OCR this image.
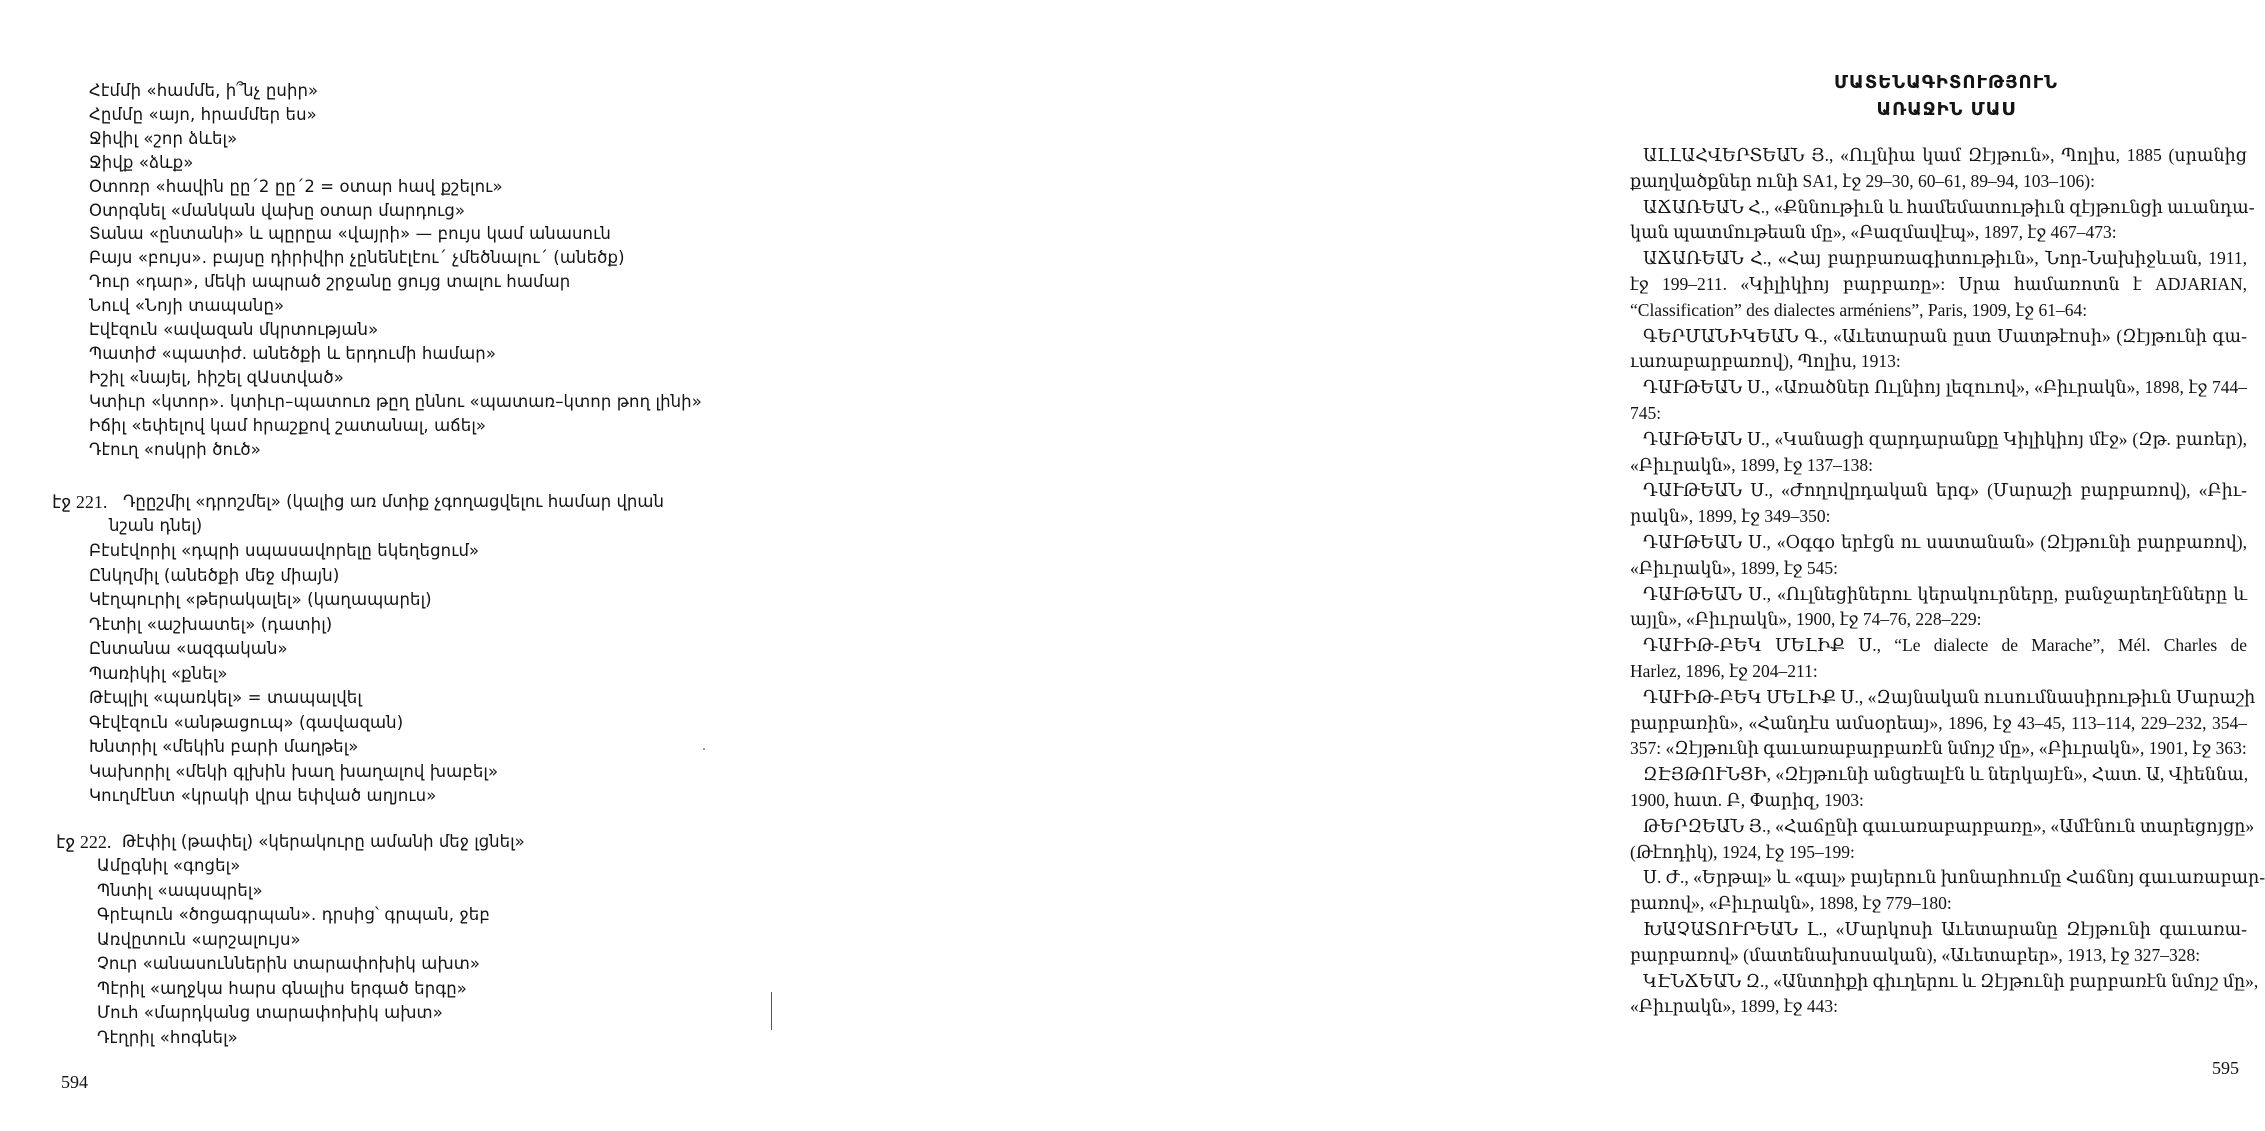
Հէմմի «համմե, ի՞նչ ըսիր»
Հըմմը «այո, հրամմեր ես»
Ջիվիլ «շոր ձևել»
Ջիվք «ձևք»
Օտոռր «հավին ըը´2 ըը´2 = օտար հավ քշելու»
Օտրգնել «մանկան վախը օտար մարդուց»
Տանա «ընտանի» և պըրըա «վայրի» — բույս կամ անասուն
Բայս «բույս». բայսը դիրիվիր չընենէլէու´ չմեծնալու´ (անեծք)
Դուր «դար», մեկի ապրած շրջանը ցույց տալու համար
Նուվ «Նոյի տապանը»
Էվէզուն «ավազան մկրտության»
Պատիժ «պատիժ. անեծքի և երդումի համար»
Իշիլ «նայել, հիշել զԱստված»
Կտիւր «կտոր». կտիւր–պատուռ թըղ ըննու «պատառ–կտոր թող լինի»
Իճիլ «եփելով կամ հրաշքով շատանալ, աճել»
Դէուղ «ոսկրի ծուծ»
էջ 221. Դըըշմիլ «դրոշմել» (կալից առ մտիք չգողացվելու համար վրան
նշան դնել)
Բէսէվորիլ «դպրի սպասավորելը եկեղեցում»
Ընկղմիլ (անեծքի մեջ միայն)
Կէղպուրիլ «թերակալել» (կաղապարել)
Դէտիլ «աշխատել» (դատիլ)
Ընտանա «ազգական»
Պառիկիլ «քնել»
Թէպլիլ «պառկել» = տապալվել
Գէվէզուն «անթացուպ» (գավազան)
Խնտրիլ «մեկին բարի մաղթել»
Կախորիլ «մեկի գլխին խաղ խաղալով խաբել»
Կուղմէնտ «կրակի վրա եփված աղյուս»
էջ 222. Թէփիլ (թափել) «կերակուրը ամանի մեջ լցնել»
Ամըգնիլ «գոցել»
Պնտիլ «ապսպրել»
Գրէպուն «ծոցագրպան». դրսից՝ գրպան, ջեբ
Առվըտուն «արշալույս»
Չուր «անասուններին տարափոխիկ ախտ»
Պէրիլ «աղջկա հարս գնալիս երգած երգը»
Մուհ «մարդկանց տարափոխիկ ախտ»
Դէղրիլ «հոգնել»
594
ՄԱՏԵՆԱԳԻՏՈՒԹՅՈՒՆ
ԱՌԱՋԻՆ ՄԱՍ
ԱԼԼԱՀՎԵՐՏԵԱՆ Յ., «Ուլնիա կամ Զէյթուն», Պոլիս, 1885 (սրանից
քաղվածքներ ունի SA1, էջ 29–30, 60–61, 89–94, 103–106):
ԱՃԱՌԵԱՆ Հ., «Քննութիւն և համեմատութիւն զէյթունցի աւանդա-
կան պատմութեան մը», «Բազմավէպ», 1897, էջ 467–473:
ԱՃԱՌԵԱՆ Հ., «Հայ բարբառագիտութիւն», Նոր-Նախիջևան, 1911,
էջ 199–211. «Կիլիկիոյ բարբառը»: Սրա համառոտն է ADJARIAN,
“Classification” des dialectes arméniens”, Paris, 1909, էջ 61–64:
ԳԵՐՄԱՆԻԿԵԱՆ Գ., «Աւետարան ըստ Մատթէոսի» (Զէյթունի գա-
ւառաբարբառով), Պոլիս, 1913:
ԴԱՒԹԵԱՆ Ս., «Առածներ Ուլնիոյ լեզուով», «Բիւրակն», 1898, էջ 744–
745:
ԴԱՒԹԵԱՆ Ս., «Կանացի զարդարանքը Կիլիկիոյ մէջ» (Զթ. բառեր),
«Բիւրակն», 1899, էջ 137–138:
ԴԱՒԹԵԱՆ Ս., «Ժողովրդական երգ» (Մարաշի բարբառով), «Բիւ-
րակն», 1899, էջ 349–350:
ԴԱՒԹԵԱՆ Ս., «Օգգօ երէցն ու սատանան» (Զէյթունի բարբառով),
«Բիւրակն», 1899, էջ 545:
ԴԱՒԹԵԱՆ Ս., «Ուլնեցիներու կերակուրները, բանջարեղէնները և
այլն», «Բիւրակն», 1900, էջ 74–76, 228–229:
ԴԱՒԻԹ-ԲԵԿ ՄԵԼԻՔ Ս., “Le dialecte de Marache”, Mél. Charles de
Harlez, 1896, էջ 204–211:
ԴԱՒԻԹ-ԲԵԿ ՄԵԼԻՔ Ս., «Զայնական ուսումնասիրութիւն Մարաշի
բարբառին», «Հանդէս ամսօրեայ», 1896, էջ 43–45, 113–114, 229–232, 354–
357: «Զէյթունի գաւառաբարբառէն նմոյշ մը», «Բիւրակն», 1901, էջ 363:
ԶԷՅԹՈՒՆՑԻ, «Զէյթունի անցեալէն և ներկայէն», Հատ. Ա, Վիեննա,
1900, հատ. Բ, Փարիզ, 1903:
ԹԵՐԶԵԱՆ Յ., «Հաճընի գաւառաբարբառը», «Ամէնուն տարեցոյցը»
(Թէոդիկ), 1924, էջ 195–199:
Ս. Ժ., «Երթալ» և «գալ» բայերուն խոնարհումը Հաճնոյ գաւառաբար-
բառով», «Բիւրակն», 1898, էջ 779–180:
ԽԱՉԱՏՈՒՐԵԱՆ Լ., «Մարկոսի Աւետարանը Զէյթունի գաւառա-
բարբառով» (մատենախոսական), «Աւետաբեր», 1913, էջ 327–328:
ԿԷՆՃԵԱՆ Զ., «Անտոիքի գիւղերու և Զէյթունի բարբառէն նմոյշ մը»,
«Բիւրակն», 1899, էջ 443:
595
